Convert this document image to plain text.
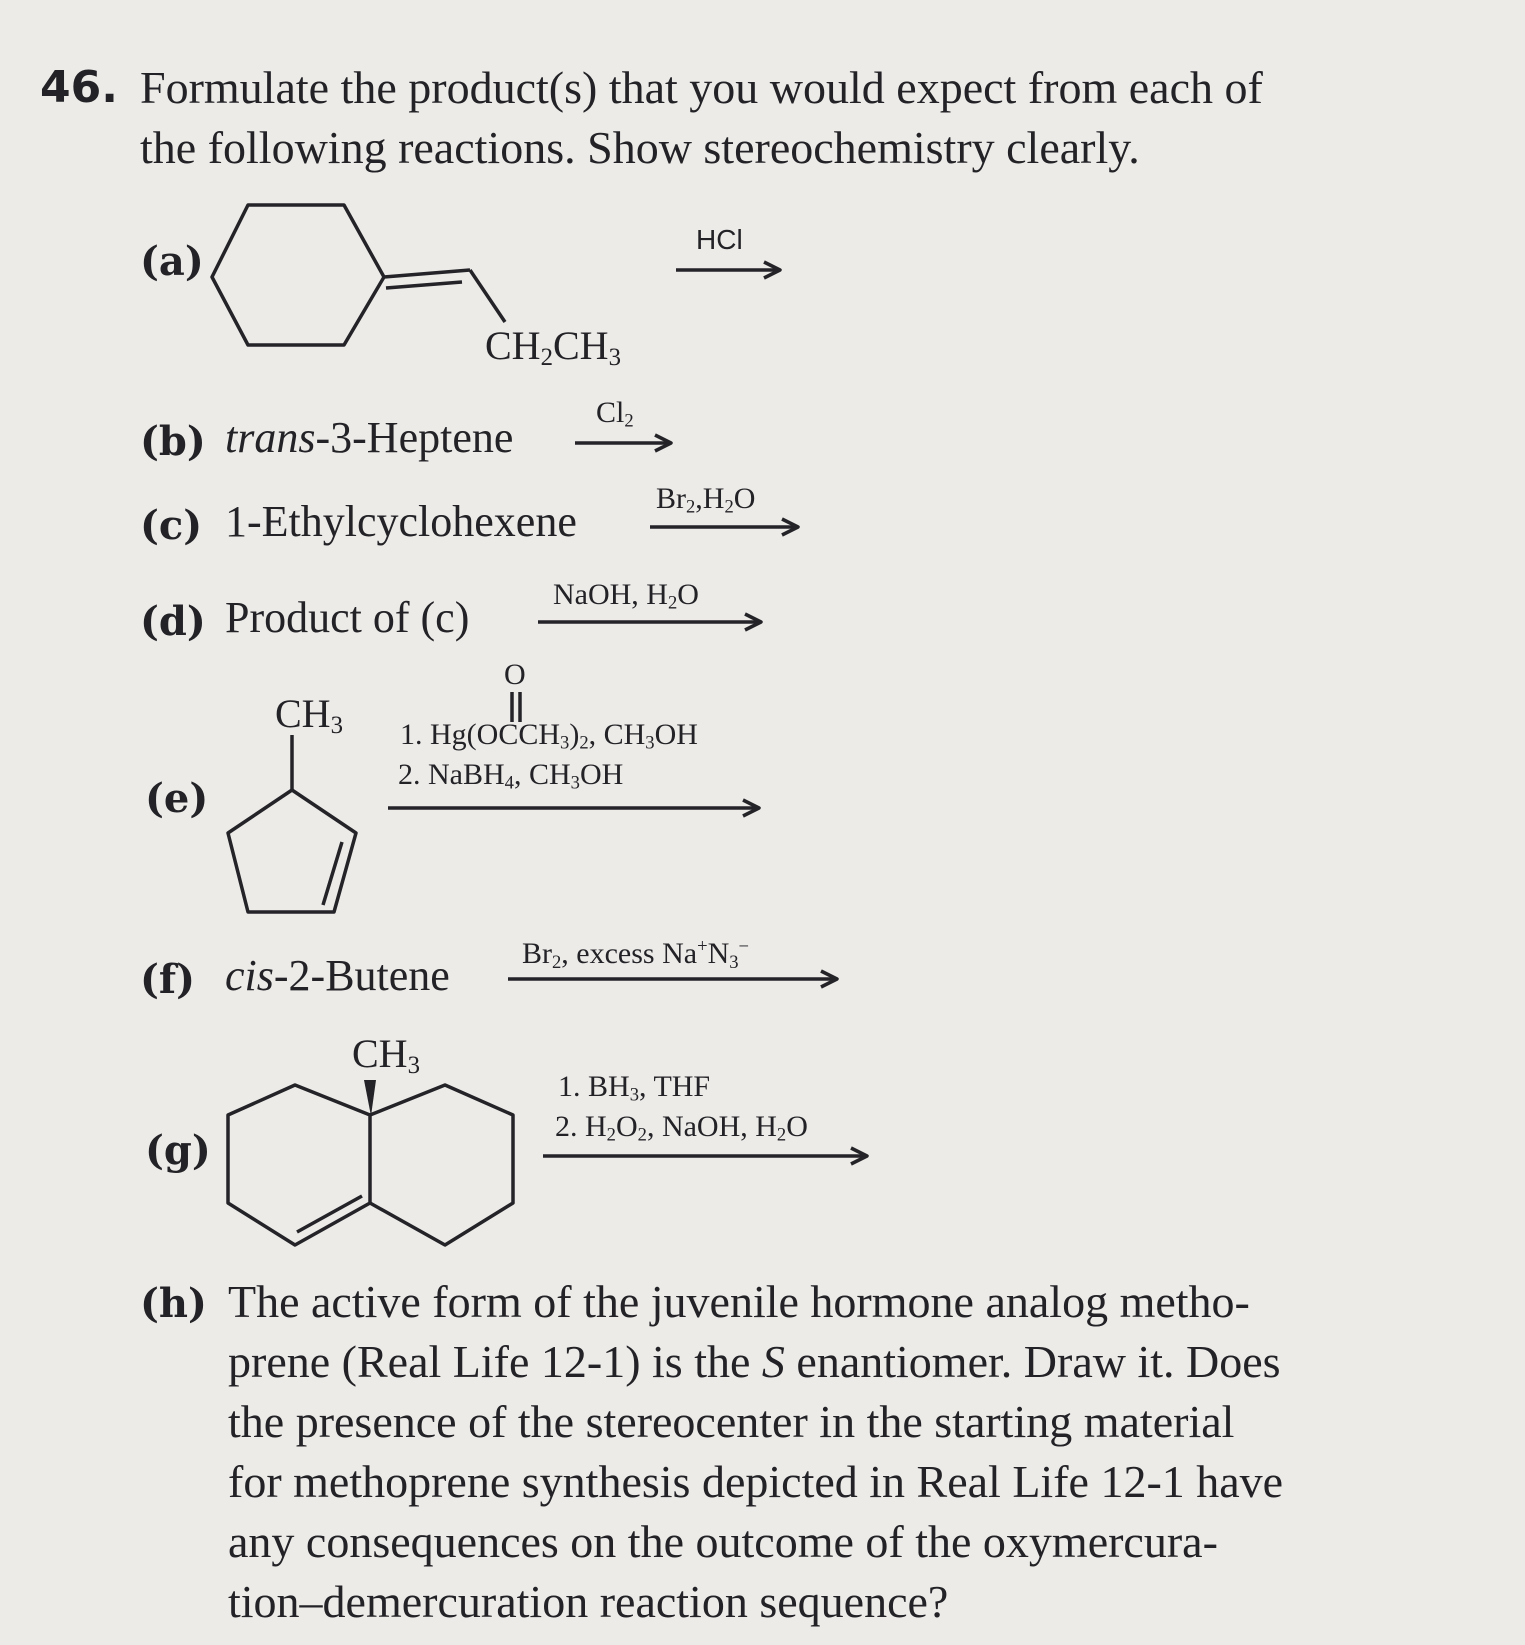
46. Formulate the product(s) that you would expect from each of
the following reactions. Show stereochemistry clearly.
(a)	HCl
$CH_2CH_3$
(b) trans-3-Heptene
$Cl_2$
(c) 1-Ethylcyclohexene	$Br_2,H_2O$
(d) Product of (c)	NaOH, $H_2O$
$CH_3$
(e)
O
1. $Hg(OCCH_3)_2$, $CH_3OH$
2. NaBH$_4$, $CH_3OH$
(f) cis-2-Butene $Br_2$, excess $Na^+N_3^-$
$CH_3$
(g)
1. $BH_3$, THF
2. $H_2O_2$, NaOH, $H_2O$
(h) The active form of the juvenile hormone analog metho-
prene (Real Life 12-1) is the S enantiomer. Draw it. Does
the presence of the stereocenter in the starting material
for methoprene synthesis depicted in Real Life 12-1 have
any consequences on the outcome of the oxymercura-
tion–demercuration reaction sequence?
